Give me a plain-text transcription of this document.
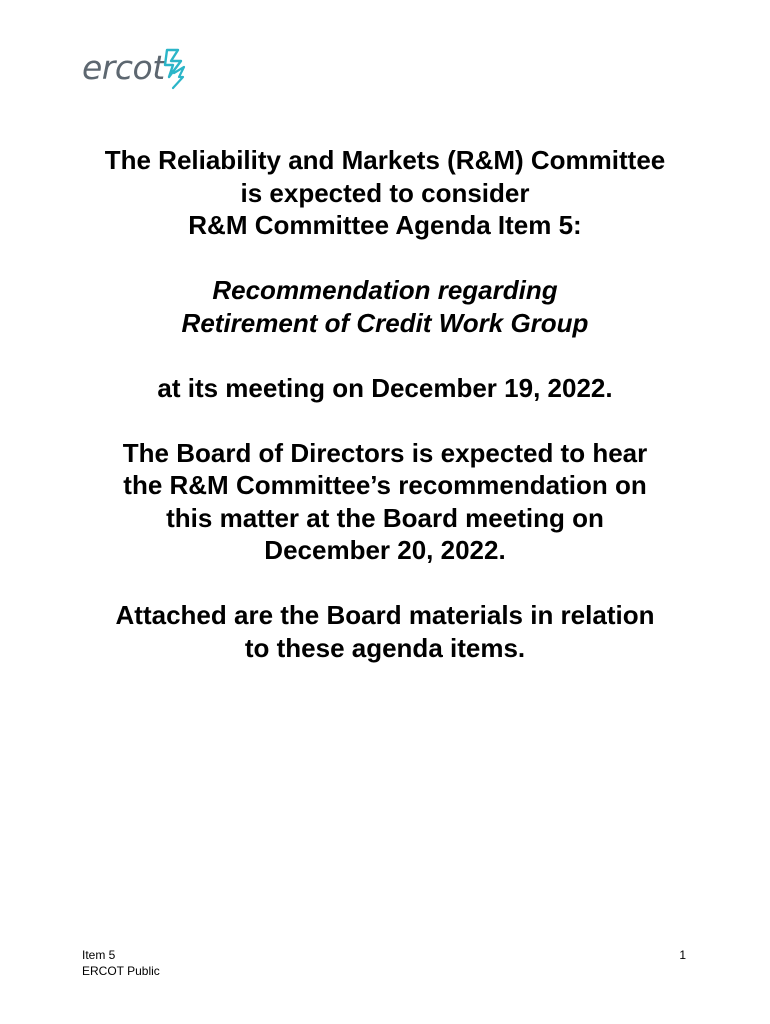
ercot

The Reliability and Markets (R&M) Committee
is expected to consider
R&M Committee Agenda Item 5:

Recommendation regarding
Retirement of Credit Work Group

at its meeting on December 19, 2022.

The Board of Directors is expected to hear
the R&M Committee’s recommendation on
this matter at the Board meeting on
December 20, 2022.

Attached are the Board materials in relation
to these agenda items.

Item 5
ERCOT Public
1
